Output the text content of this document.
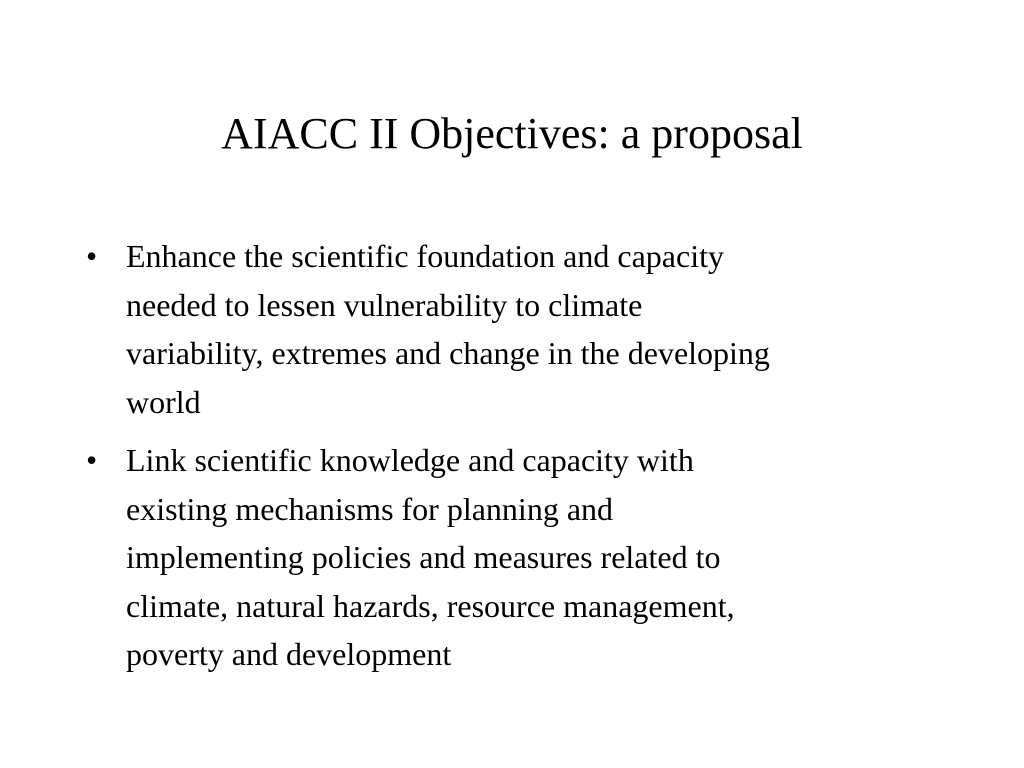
AIACC II Objectives: a proposal
• Enhance the scientific foundation and capacity
needed to lessen vulnerability to climate
variability, extremes and change in the developing
world
• Link scientific knowledge and capacity with
existing mechanisms for planning and
implementing policies and measures related to
climate, natural hazards, resource management,
poverty and development
